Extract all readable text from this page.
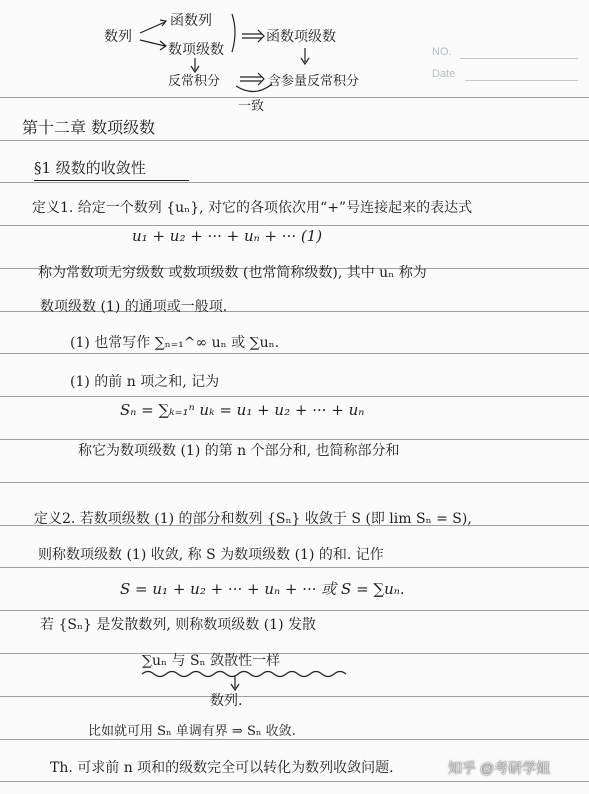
NO.
Date
数列
函数列
数项级数
函数项级数
反常积分	含参量反常积分
一致
第十二章 数项级数
§1 级数的收敛性
定义1. 给定一个数列 {uₙ}, 对它的各项依次用“+”号连接起来的表达式
u₁ + u₂ + ··· + uₙ + ··· (1)
称为常数项无穷级数 或数项级数 (也常简称级数), 其中 uₙ 称为
数项级数 (1) 的通项或一般项.
(1) 也常写作 ∑ₙ₌₁^∞ uₙ 或 ∑uₙ.
(1) 的前 n 项之和, 记为
Sₙ = ∑ₖ₌₁ⁿ uₖ = u₁ + u₂ + ··· + uₙ
称它为数项级数 (1) 的第 n 个部分和, 也简称部分和
定义2. 若数项级数 (1) 的部分和数列 {Sₙ} 收敛于 S (即 lim Sₙ = S),
则称数项级数 (1) 收敛, 称 S 为数项级数 (1) 的和. 记作
S = u₁ + u₂ + ··· + uₙ + ··· 或 S = ∑uₙ.
若 {Sₙ} 是发散数列, 则称数项级数 (1) 发散
∑uₙ 与 Sₙ 敛散性一样
数列.
比如就可用 Sₙ 单调有界 ⇒ Sₙ 收敛.
Th. 可求前 n 项和的级数完全可以转化为数列收敛问题.	知乎 @考研学姐
